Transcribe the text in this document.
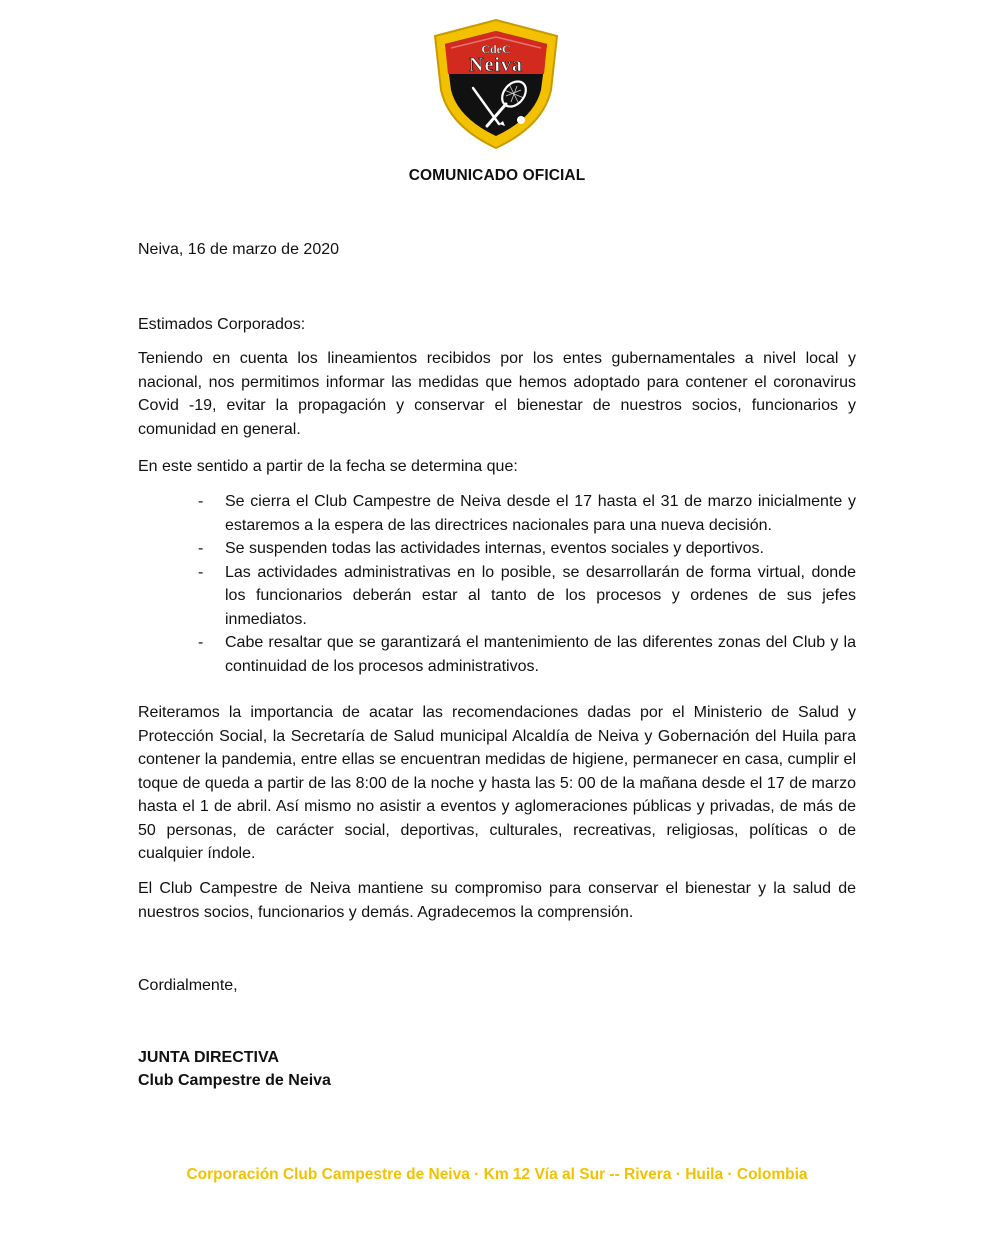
CdeC
Neiva
COMUNICADO OFICIAL
Neiva, 16 de marzo de 2020
Estimados Corporados:

Teniendo en cuenta los lineamientos recibidos por los entes gubernamentales a nivel local y nacional, nos permitimos informar las medidas que hemos adoptado para contener el coronavirus Covid -19, evitar la propagación y conservar el bienestar de nuestros socios, funcionarios y comunidad en general.

En este sentido a partir de la fecha se determina que:

- Se cierra el Club Campestre de Neiva desde el 17 hasta el 31 de marzo inicialmente y estaremos a la espera de las directrices nacionales para una nueva decisión.
- Se suspenden todas las actividades internas, eventos sociales y deportivos.
- Las actividades administrativas en lo posible, se desarrollarán de forma virtual, donde los funcionarios deberán estar al tanto de los procesos y ordenes de sus jefes inmediatos.
- Cabe resaltar que se garantizará el mantenimiento de las diferentes zonas del Club y la continuidad de los procesos administrativos.

Reiteramos la importancia de acatar las recomendaciones dadas por el Ministerio de Salud y Protección Social, la Secretaría de Salud municipal Alcaldía de Neiva y Gobernación del Huila para contener la pandemia, entre ellas se encuentran medidas de higiene, permanecer en casa, cumplir el toque de queda a partir de las 8:00 de la noche y hasta las 5: 00 de la mañana desde el 17 de marzo hasta el 1 de abril. Así mismo no asistir a eventos y aglomeraciones públicas y privadas, de más de 50 personas, de carácter social, deportivas, culturales, recreativas, religiosas, políticas o de cualquier índole.

El Club Campestre de Neiva mantiene su compromiso para conservar el bienestar y la salud de nuestros socios, funcionarios y demás. Agradecemos la comprensión.

Cordialmente,
JUNTA DIRECTIVA
Club Campestre de Neiva
Corporación Club Campestre de Neiva · Km 12 Vía al Sur -- Rivera · Huila · Colombia
